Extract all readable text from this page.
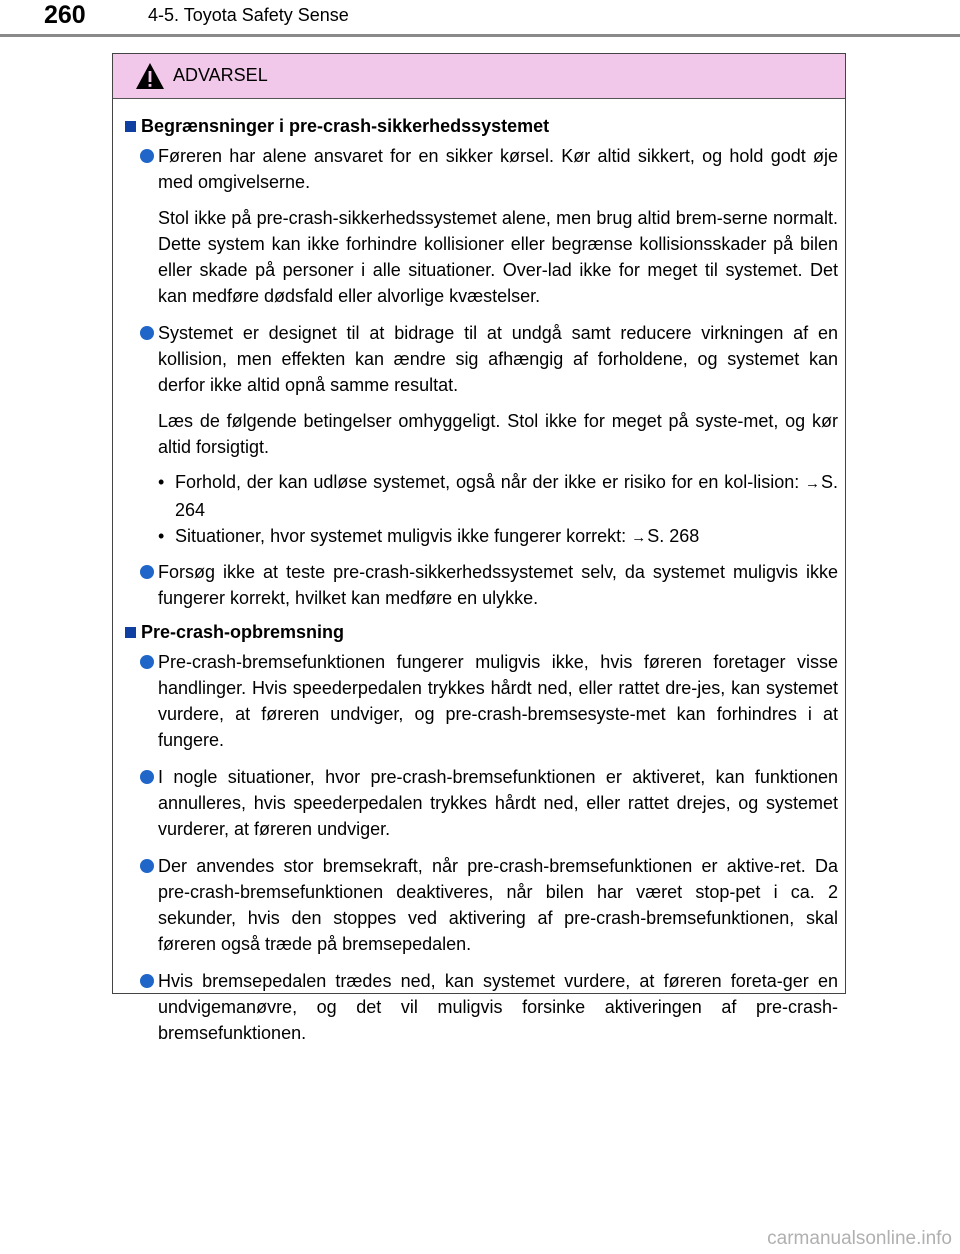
260	4-5. Toyota Safety Sense
ADVARSEL
Begrænsninger i pre-crash-sikkerhedssystemet

Føreren har alene ansvaret for en sikker kørsel. Kør altid sikkert, og hold godt øje med omgivelserne.

Stol ikke på pre-crash-sikkerhedssystemet alene, men brug altid brem-serne normalt. Dette system kan ikke forhindre kollisioner eller begrænse kollisionsskader på bilen eller skade på personer i alle situationer. Over-lad ikke for meget til systemet. Det kan medføre dødsfald eller alvorlige kvæstelser.

Systemet er designet til at bidrage til at undgå samt reducere virkningen af en kollision, men effekten kan ændre sig afhængig af forholdene, og systemet kan derfor ikke altid opnå samme resultat.

Læs de følgende betingelser omhyggeligt. Stol ikke for meget på syste-met, og kør altid forsigtigt.

• Forhold, der kan udløse systemet, også når der ikke er risiko for en kol-lision: →S. 264
• Situationer, hvor systemet muligvis ikke fungerer korrekt: →S. 268

Forsøg ikke at teste pre-crash-sikkerhedssystemet selv, da systemet muligvis ikke fungerer korrekt, hvilket kan medføre en ulykke.

Pre-crash-opbremsning

Pre-crash-bremsefunktionen fungerer muligvis ikke, hvis føreren foretager visse handlinger. Hvis speederpedalen trykkes hårdt ned, eller rattet dre-jes, kan systemet vurdere, at føreren undviger, og pre-crash-bremsesyste-met kan forhindres i at fungere.

I nogle situationer, hvor pre-crash-bremsefunktionen er aktiveret, kan funktionen annulleres, hvis speederpedalen trykkes hårdt ned, eller rattet drejes, og systemet vurderer, at føreren undviger.

Der anvendes stor bremsekraft, når pre-crash-bremsefunktionen er aktive-ret. Da pre-crash-bremsefunktionen deaktiveres, når bilen har været stop-pet i ca. 2 sekunder, hvis den stoppes ved aktivering af pre-crash-bremsefunktionen, skal føreren også træde på bremsepedalen.

Hvis bremsepedalen trædes ned, kan systemet vurdere, at føreren foreta-ger en undvigemanøvre, og det vil muligvis forsinke aktiveringen af pre-crash-bremsefunktionen.

carmanualsonline.info
